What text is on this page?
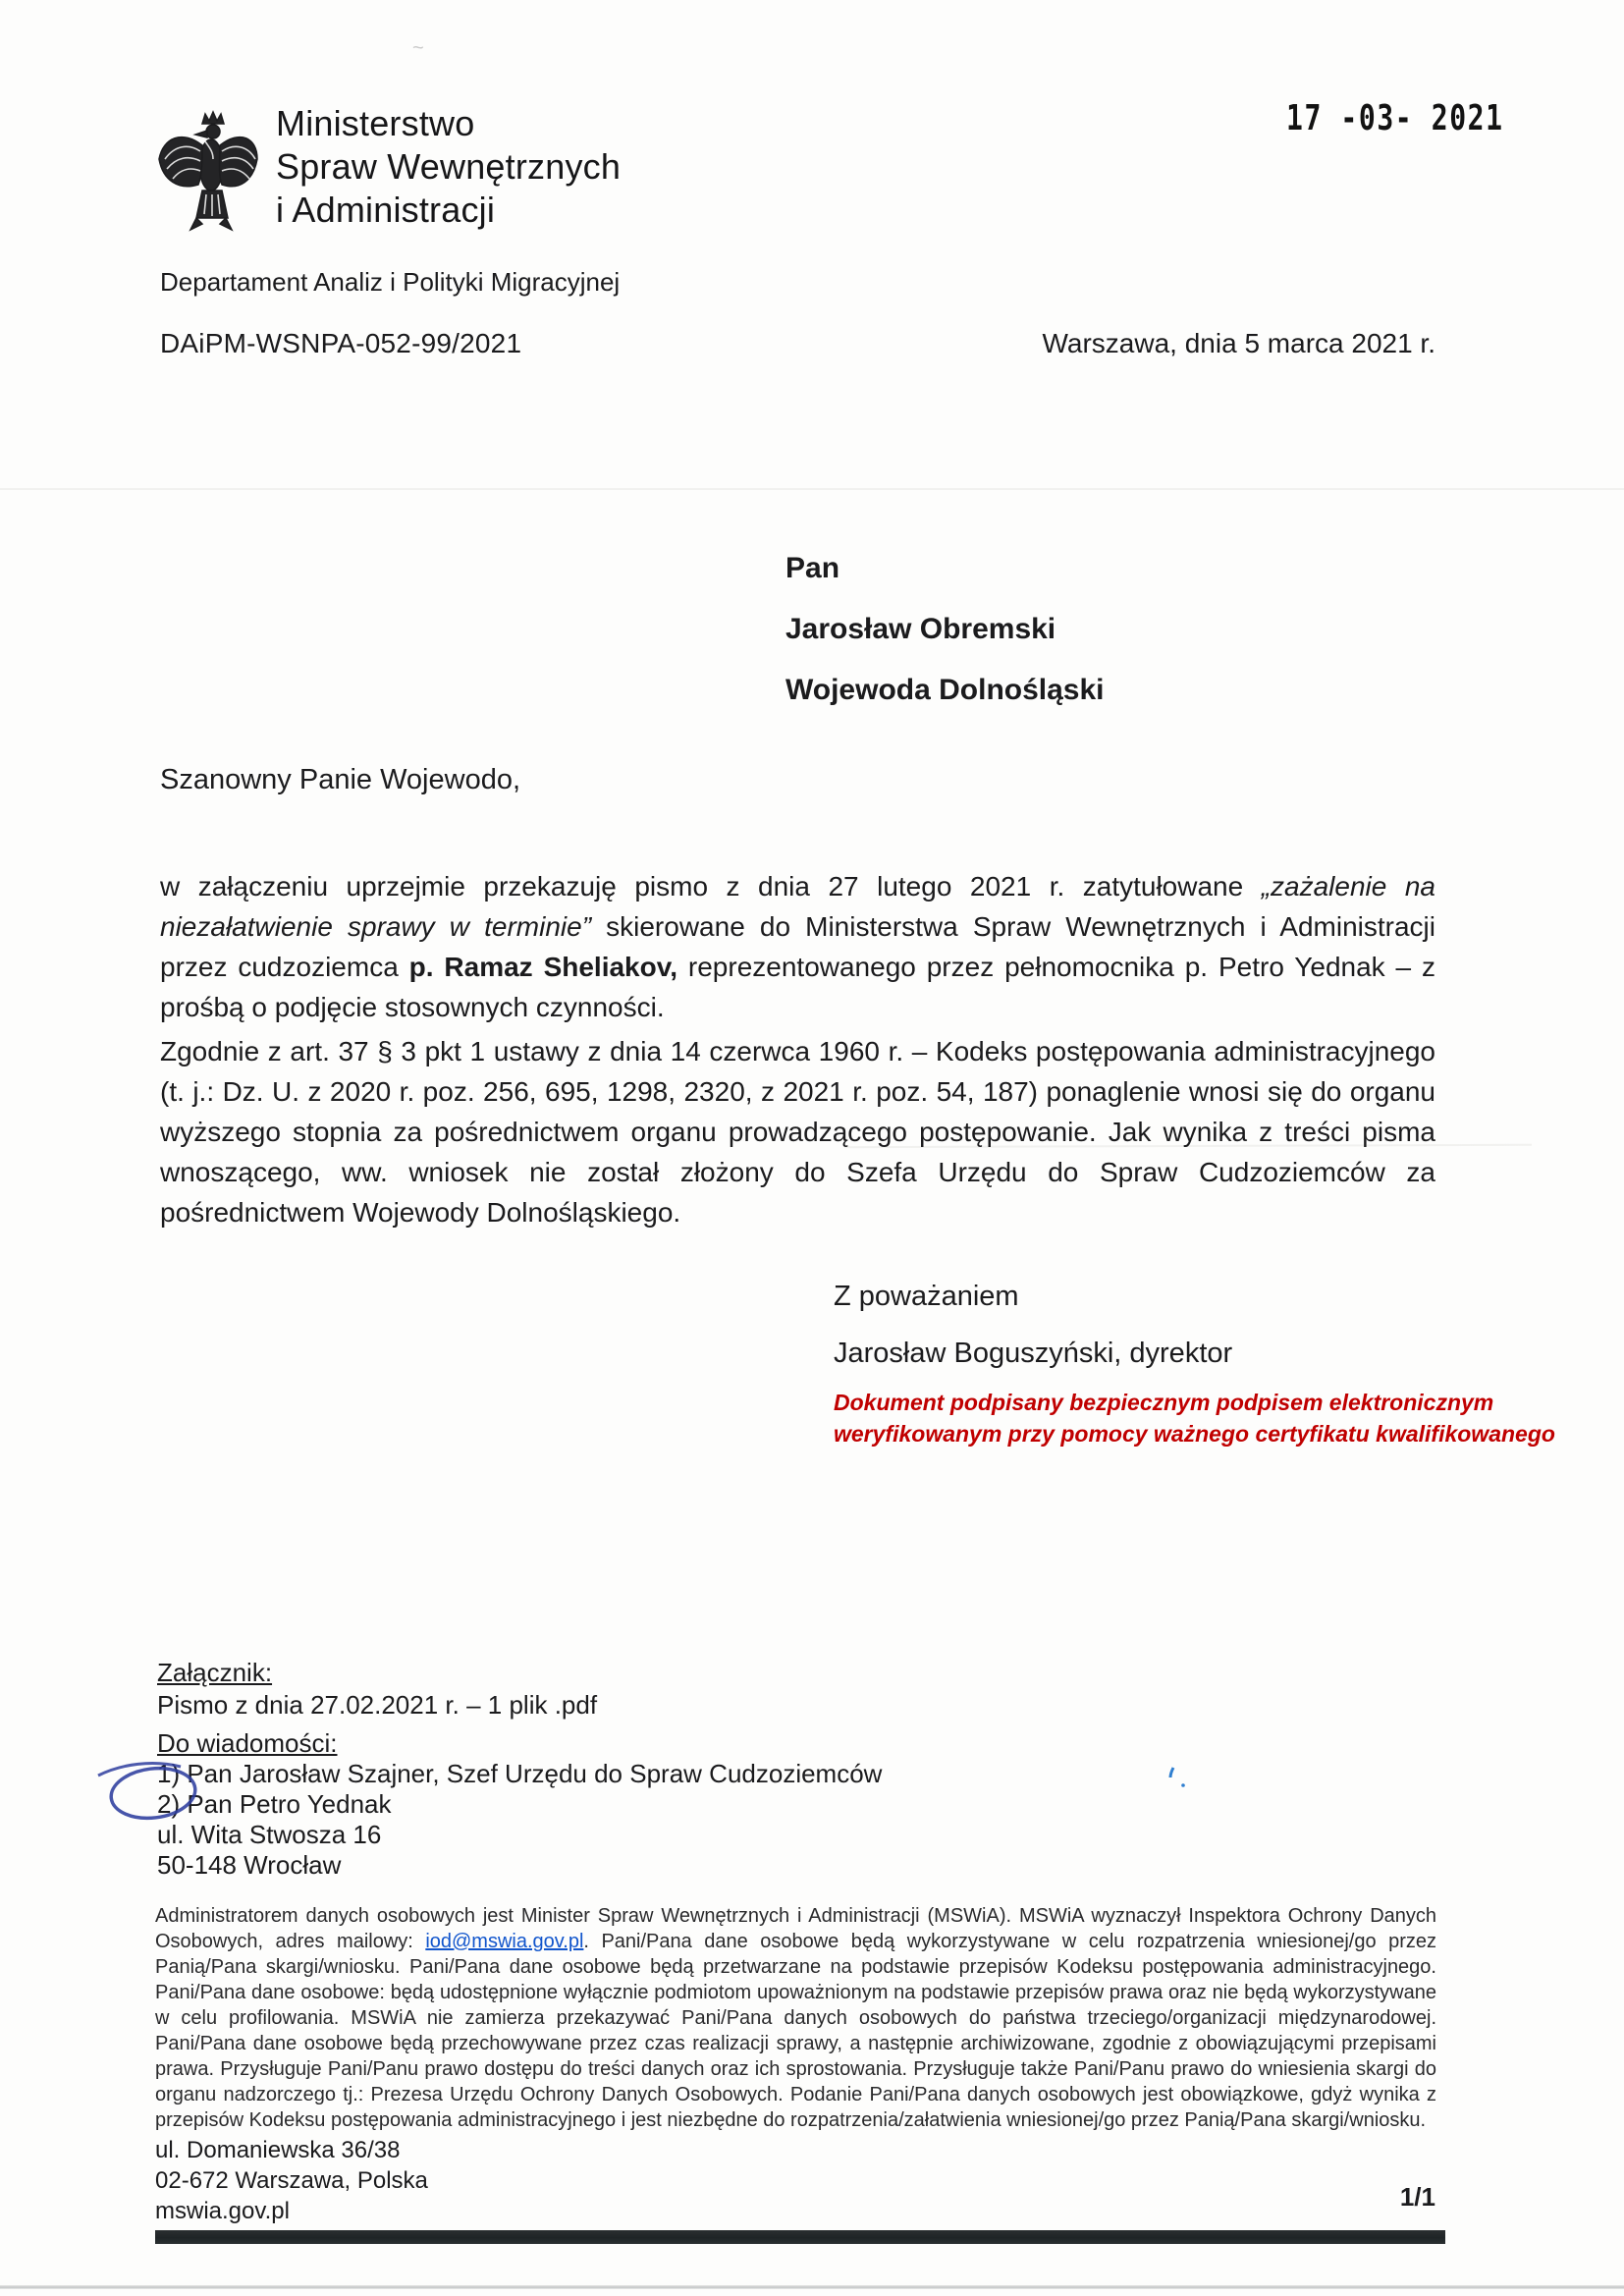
~
Ministerstwo
Spraw Wewnętrznych
i Administracji
17 -03- 2021
Departament Analiz i Polityki Migracyjnej
DAiPM-WSNPA-052-99/2021	Warszawa, dnia 5 marca 2021 r.
Pan
Jarosław Obremski
Wojewoda Dolnośląski
Szanowny Panie Wojewodo,
w załączeniu uprzejmie przekazuję pismo z dnia 27 lutego 2021 r. zatytułowane „zażalenie na niezałatwienie sprawy w terminie” skierowane do Ministerstwa Spraw Wewnętrznych i Administracji przez cudzoziemca p. Ramaz Sheliakov, reprezentowanego przez pełnomocnika p. Petro Yednak – z prośbą o podjęcie stosownych czynności.
Zgodnie z art. 37 § 3 pkt 1 ustawy z dnia 14 czerwca 1960 r. – Kodeks postępowania administracyjnego (t. j.: Dz. U. z 2020 r. poz. 256, 695, 1298, 2320, z 2021 r. poz. 54, 187) ponaglenie wnosi się do organu wyższego stopnia za pośrednictwem organu prowadzącego postępowanie. Jak wynika z treści pisma wnoszącego, ww. wniosek nie został złożony do Szefa Urzędu do Spraw Cudzoziemców za pośrednictwem Wojewody Dolnośląskiego.
Z poważaniem
Jarosław Boguszyński, dyrektor
Dokument podpisany bezpiecznym podpisem elektronicznym
weryfikowanym przy pomocy ważnego certyfikatu kwalifikowanego
Załącznik:
Pismo z dnia 27.02.2021 r. – 1 plik .pdf
Do wiadomości:
1) Pan Jarosław Szajner, Szef Urzędu do Spraw Cudzoziemców
2) Pan Petro Yednak
ul. Wita Stwosza 16
50-148 Wrocław
Administratorem danych osobowych jest Minister Spraw Wewnętrznych i Administracji (MSWiA). MSWiA wyznaczył Inspektora Ochrony Danych Osobowych, adres mailowy: iod@mswia.gov.pl. Pani/Pana dane osobowe będą wykorzystywane w celu rozpatrzenia wniesionej/go przez Panią/Pana skargi/wniosku. Pani/Pana dane osobowe będą przetwarzane na podstawie przepisów Kodeksu postępowania administracyjnego. Pani/Pana dane osobowe: będą udostępnione wyłącznie podmiotom upoważnionym na podstawie przepisów prawa oraz nie będą wykorzystywane w celu profilowania. MSWiA nie zamierza przekazywać Pani/Pana danych osobowych do państwa trzeciego/organizacji międzynarodowej. Pani/Pana dane osobowe będą przechowywane przez czas realizacji sprawy, a następnie archiwizowane, zgodnie z obowiązującymi przepisami prawa. Przysługuje Pani/Panu prawo dostępu do treści danych oraz ich sprostowania. Przysługuje także Pani/Panu prawo do wniesienia skargi do organu nadzorczego tj.: Prezesa Urzędu Ochrony Danych Osobowych. Podanie Pani/Pana danych osobowych jest obowiązkowe, gdyż wynika z przepisów Kodeksu postępowania administracyjnego i jest niezbędne do rozpatrzenia/załatwienia wniesionej/go przez Panią/Pana skargi/wniosku.
ul. Domaniewska 36/38
02-672 Warszawa, Polska
mswia.gov.pl	1/1
